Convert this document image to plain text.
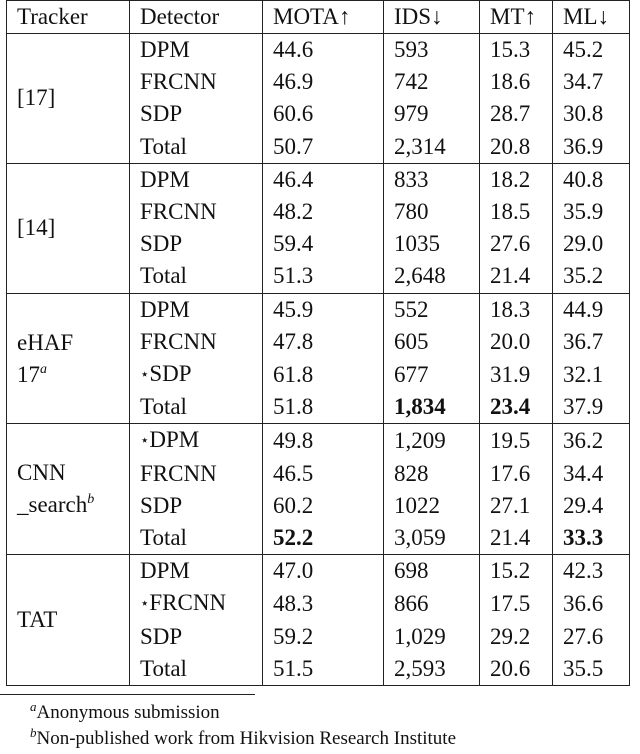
Tracker	Detector	MOTA↑	IDS↓	MT↑	ML↓
[17]	DPM	44.6	593	15.3	45.2
	FRCNN	46.9	742	18.6	34.7
	SDP	60.6	979	28.7	30.8
	Total	50.7	2,314	20.8	36.9
[14]	DPM	46.4	833	18.2	40.8
	FRCNN	48.2	780	18.5	35.9
	SDP	59.4	1035	27.6	29.0
	Total	51.3	2,648	21.4	35.2
eHAF
17$^a$	DPM	45.9	552	18.3	44.9
	FRCNN	47.8	605	20.0	36.7
	⋆SDP	61.8	677	31.9	32.1
	Total	51.8	1,834	23.4	37.9
CNN
_search$^b$	⋆DPM	49.8	1,209	19.5	36.2
	FRCNN	46.5	828	17.6	34.4
	SDP	60.2	1022	27.1	29.4
	Total	52.2	3,059	21.4	33.3
TAT	DPM	47.0	698	15.2	42.3
	⋆FRCNN	48.3	866	17.5	36.6
	SDP	59.2	1,029	29.2	27.6
	Total	51.5	2,593	20.6	35.5
$^a$Anonymous submission
$^b$Non-published work from Hikvision Research Institute
